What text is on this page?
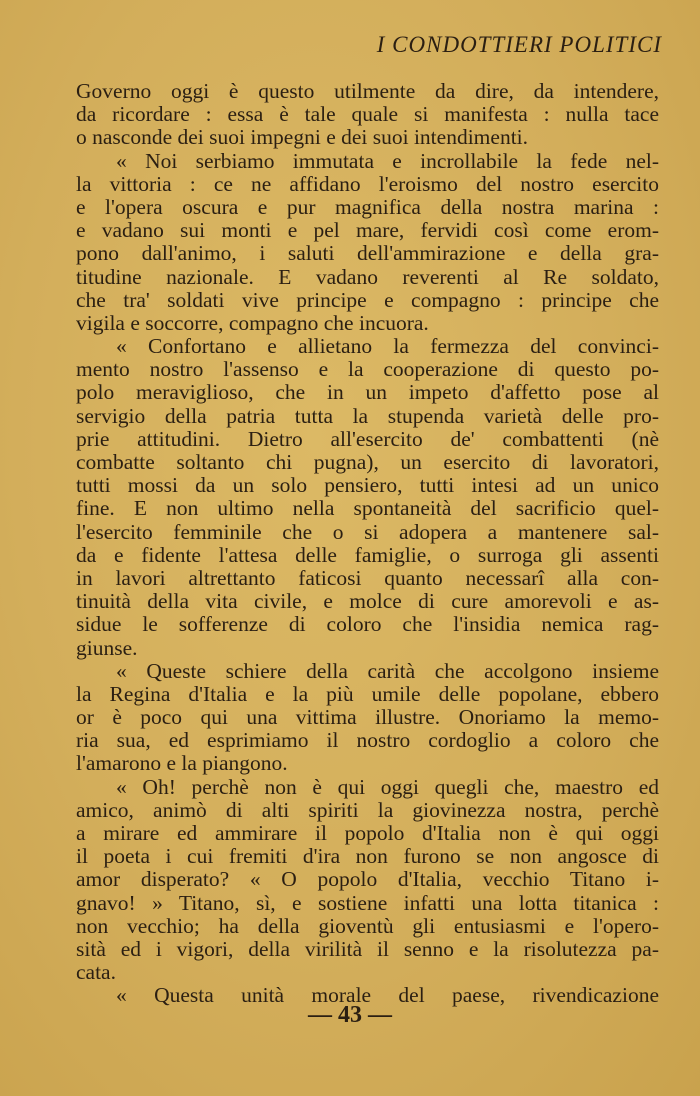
I CONDOTTIERI POLITICI
Governo oggi è questo utilmente da dire, da intendere,
da ricordare : essa è tale quale si manifesta : nulla tace
o nasconde dei suoi impegni e dei suoi intendimenti.
« Noi serbiamo immutata e incrollabile la fede nel-
la vittoria : ce ne affidano l'eroismo del nostro esercito
e l'opera oscura e pur magnifica della nostra marina :
e vadano sui monti e pel mare, fervidi così come erom-
pono dall'animo, i saluti dell'ammirazione e della gra-
titudine nazionale. E vadano reverenti al Re soldato,
che tra' soldati vive principe e compagno : principe che
vigila e soccorre, compagno che incuora.
« Confortano e allietano la fermezza del convinci-
mento nostro l'assenso e la cooperazione di questo po-
polo meraviglioso, che in un impeto d'affetto pose al
servigio della patria tutta la stupenda varietà delle pro-
prie attitudini. Dietro all'esercito de' combattenti (nè
combatte soltanto chi pugna), un esercito di lavoratori,
tutti mossi da un solo pensiero, tutti intesi ad un unico
fine. E non ultimo nella spontaneità del sacrificio quel-
l'esercito femminile che o si adopera a mantenere sal-
da e fidente l'attesa delle famiglie, o surroga gli assenti
in lavori altrettanto faticosi quanto necessarî alla con-
tinuità della vita civile, e molce di cure amorevoli e as-
sidue le sofferenze di coloro che l'insidia nemica rag-
giunse.
« Queste schiere della carità che accolgono insieme
la Regina d'Italia e la più umile delle popolane, ebbero
or è poco qui una vittima illustre. Onoriamo la memo-
ria sua, ed esprimiamo il nostro cordoglio a coloro che
l'amarono e la piangono.
« Oh! perchè non è qui oggi quegli che, maestro ed
amico, animò di alti spiriti la giovinezza nostra, perchè
a mirare ed ammirare il popolo d'Italia non è qui oggi
il poeta i cui fremiti d'ira non furono se non angosce di
amor disperato? « O popolo d'Italia, vecchio Titano i-
gnavo! » Titano, sì, e sostiene infatti una lotta titanica :
non vecchio; ha della gioventù gli entusiasmi e l'opero-
sità ed i vigori, della virilità il senno e la risolutezza pa-
cata.
« Questa unità morale del paese, rivendicazione
— 43 —
